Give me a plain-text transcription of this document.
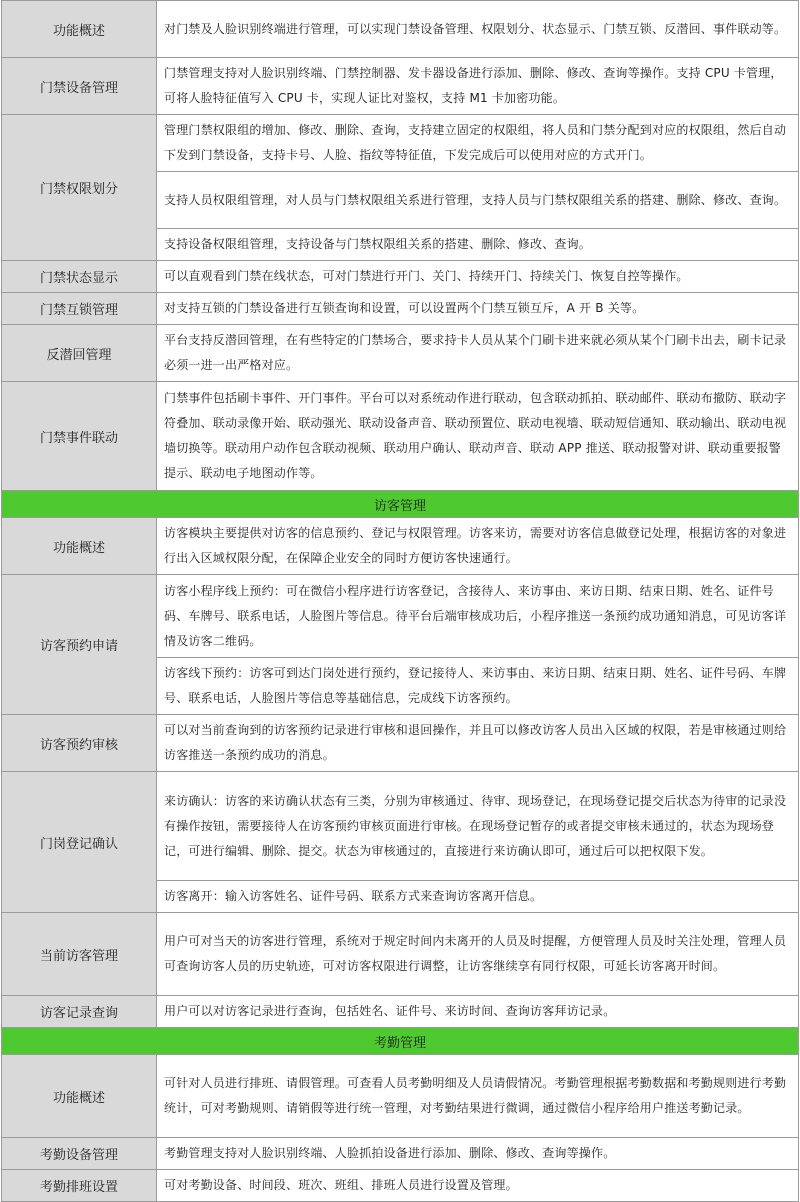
功能概述	对门禁及人脸识别终端进行管理，可以实现门禁设备管理、权限划分、状态显示、门禁互锁、反潜回、事件联动等。
门禁设备管理	门禁管理支持对人脸识别终端、门禁控制器、发卡器设备进行添加、删除、修改、查询等操作。支持 CPU 卡管理，可将人脸特征值写入 CPU 卡，实现人证比对鉴权，支持 M1 卡加密功能。
门禁权限划分	管理门禁权限组的增加、修改、删除、查询，支持建立固定的权限组，将人员和门禁分配到对应的权限组，然后自动下发到门禁设备，支持卡号、人脸、指纹等特征值，下发完成后可以使用对应的方式开门。
	支持人员权限组管理，对人员与门禁权限组关系进行管理，支持人员与门禁权限组关系的搭建、删除、修改、查询。
	支持设备权限组管理，支持设备与门禁权限组关系的搭建、删除、修改、查询。
门禁状态显示	可以直观看到门禁在线状态，可对门禁进行开门、关门、持续开门、持续关门、恢复自控等操作。
门禁互锁管理	对支持互锁的门禁设备进行互锁查询和设置，可以设置两个门禁互锁互斥，A 开 B 关等。
反潜回管理	平台支持反潜回管理，在有些特定的门禁场合，要求持卡人员从某个门刷卡进来就必须从某个门刷卡出去，刷卡记录必须一进一出严格对应。
门禁事件联动	门禁事件包括刷卡事件、开门事件。平台可以对系统动作进行联动，包含联动抓拍、联动邮件、联动布撤防、联动字符叠加、联动录像开始、联动强光、联动设备声音、联动预置位、联动电视墙、联动短信通知、联动输出、联动电视墙切换等。联动用户动作包含联动视频、联动用户确认、联动声音、联动 APP 推送、联动报警对讲、联动重要报警提示、联动电子地图动作等。
访客管理	
功能概述	访客模块主要提供对访客的信息预约、登记与权限管理。访客来访，需要对访客信息做登记处理，根据访客的对象进行出入区域权限分配，在保障企业安全的同时方便访客快速通行。
访客预约申请	访客小程序线上预约：可在微信小程序进行访客登记，含接待人、来访事由、来访日期、结束日期、姓名、证件号码、车牌号、联系电话，人脸图片等信息。待平台后端审核成功后，小程序推送一条预约成功通知消息，可见访客详情及访客二维码。
	访客线下预约：访客可到达门岗处进行预约，登记接待人、来访事由、来访日期、结束日期、姓名、证件号码、车牌号、联系电话，人脸图片等信息等基础信息，完成线下访客预约。
访客预约审核	可以对当前查询到的访客预约记录进行审核和退回操作，并且可以修改访客人员出入区域的权限，若是审核通过则给访客推送一条预约成功的消息。
门岗登记确认	来访确认：访客的来访确认状态有三类，分别为审核通过、待审、现场登记，在现场登记提交后状态为待审的记录没有操作按钮，需要接待人在访客预约审核页面进行审核。在现场登记暂存的或者提交审核未通过的，状态为现场登记，可进行编辑、删除、提交。状态为审核通过的，直接进行来访确认即可，通过后可以把权限下发。
	访客离开：输入访客姓名、证件号码、联系方式来查询访客离开信息。
当前访客管理	用户可对当天的访客进行管理，系统对于规定时间内未离开的人员及时提醒，方便管理人员及时关注处理，管理人员可查询访客人员的历史轨迹，可对访客权限进行调整，让访客继续享有同行权限，可延长访客离开时间。
访客记录查询	用户可以对访客记录进行查询，包括姓名、证件号、来访时间、查询访客拜访记录。
考勤管理	
功能概述	可针对人员进行排班、请假管理。可查看人员考勤明细及人员请假情况。考勤管理根据考勤数据和考勤规则进行考勤统计，可对考勤规则、请销假等进行统一管理，对考勤结果进行微调，通过微信小程序给用户推送考勤记录。
考勤设备管理	考勤管理支持对人脸识别终端、人脸抓拍设备进行添加、删除、修改、查询等操作。
考勤排班设置	可对考勤设备、时间段、班次、班组、排班人员进行设置及管理。
